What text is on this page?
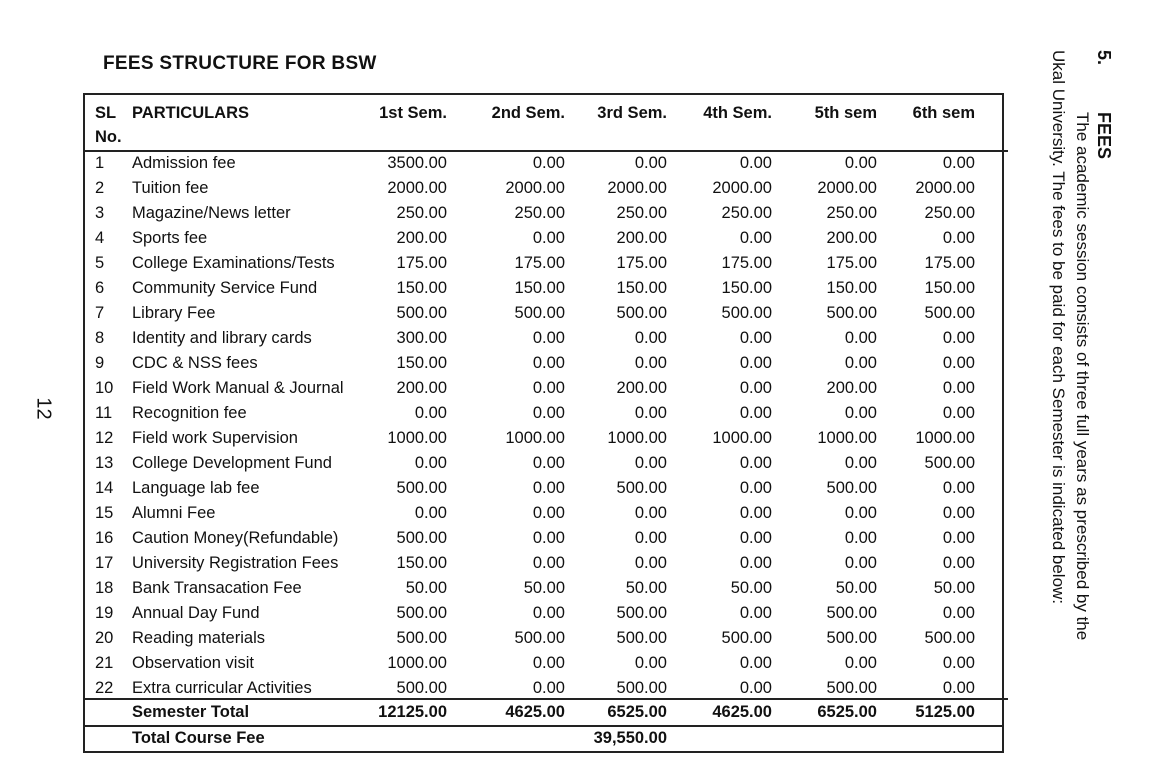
FEES STRUCTURE FOR BSW
12
5.
FEES
The academic session consists of three full years as prescribed by the
Ukal University. The fees to be paid for each Semester is indicated below:
SL PARTICULARS	1st Sem.	2nd Sem.	3rd Sem.	4th Sem.	5th sem	6th sem
No.
1 Admission fee	3500.00	0.00	0.00	0.00	0.00	0.00
2 Tuition fee	2000.00	2000.00	2000.00	2000.00	2000.00	2000.00
3 Magazine/News letter	250.00	250.00	250.00	250.00	250.00	250.00
4 Sports fee	200.00	0.00	200.00	0.00	200.00	0.00
5 College Examinations/Tests	175.00	175.00	175.00	175.00	175.00	175.00
6 Community Service Fund	150.00	150.00	150.00	150.00	150.00	150.00
7 Library Fee	500.00	500.00	500.00	500.00	500.00	500.00
8 Identity and library cards	300.00	0.00	0.00	0.00	0.00	0.00
9 CDC & NSS fees	150.00	0.00	0.00	0.00	0.00	0.00
10 Field Work Manual & Journal	200.00	0.00	200.00	0.00	200.00	0.00
11 Recognition fee	0.00	0.00	0.00	0.00	0.00	0.00
12 Field work Supervision	1000.00	1000.00	1000.00	1000.00	1000.00	1000.00
13 College Development Fund	0.00	0.00	0.00	0.00	0.00	500.00
14 Language lab fee	500.00	0.00	500.00	0.00	500.00	0.00
15 Alumni Fee	0.00	0.00	0.00	0.00	0.00	0.00
16 Caution Money(Refundable)	500.00	0.00	0.00	0.00	0.00	0.00
17 University Registration Fees	150.00	0.00	0.00	0.00	0.00	0.00
18 Bank Transacation Fee	50.00	50.00	50.00	50.00	50.00	50.00
19 Annual Day Fund	500.00	0.00	500.00	0.00	500.00	0.00
20 Reading materials	500.00	500.00	500.00	500.00	500.00	500.00
21 Observation visit	1000.00	0.00	0.00	0.00	0.00	0.00
22 Extra curricular Activities	500.00	0.00	500.00	0.00	500.00	0.00
Semester Total	12125.00	4625.00	6525.00	4625.00	6525.00	5125.00
Total Course Fee	39,550.00
